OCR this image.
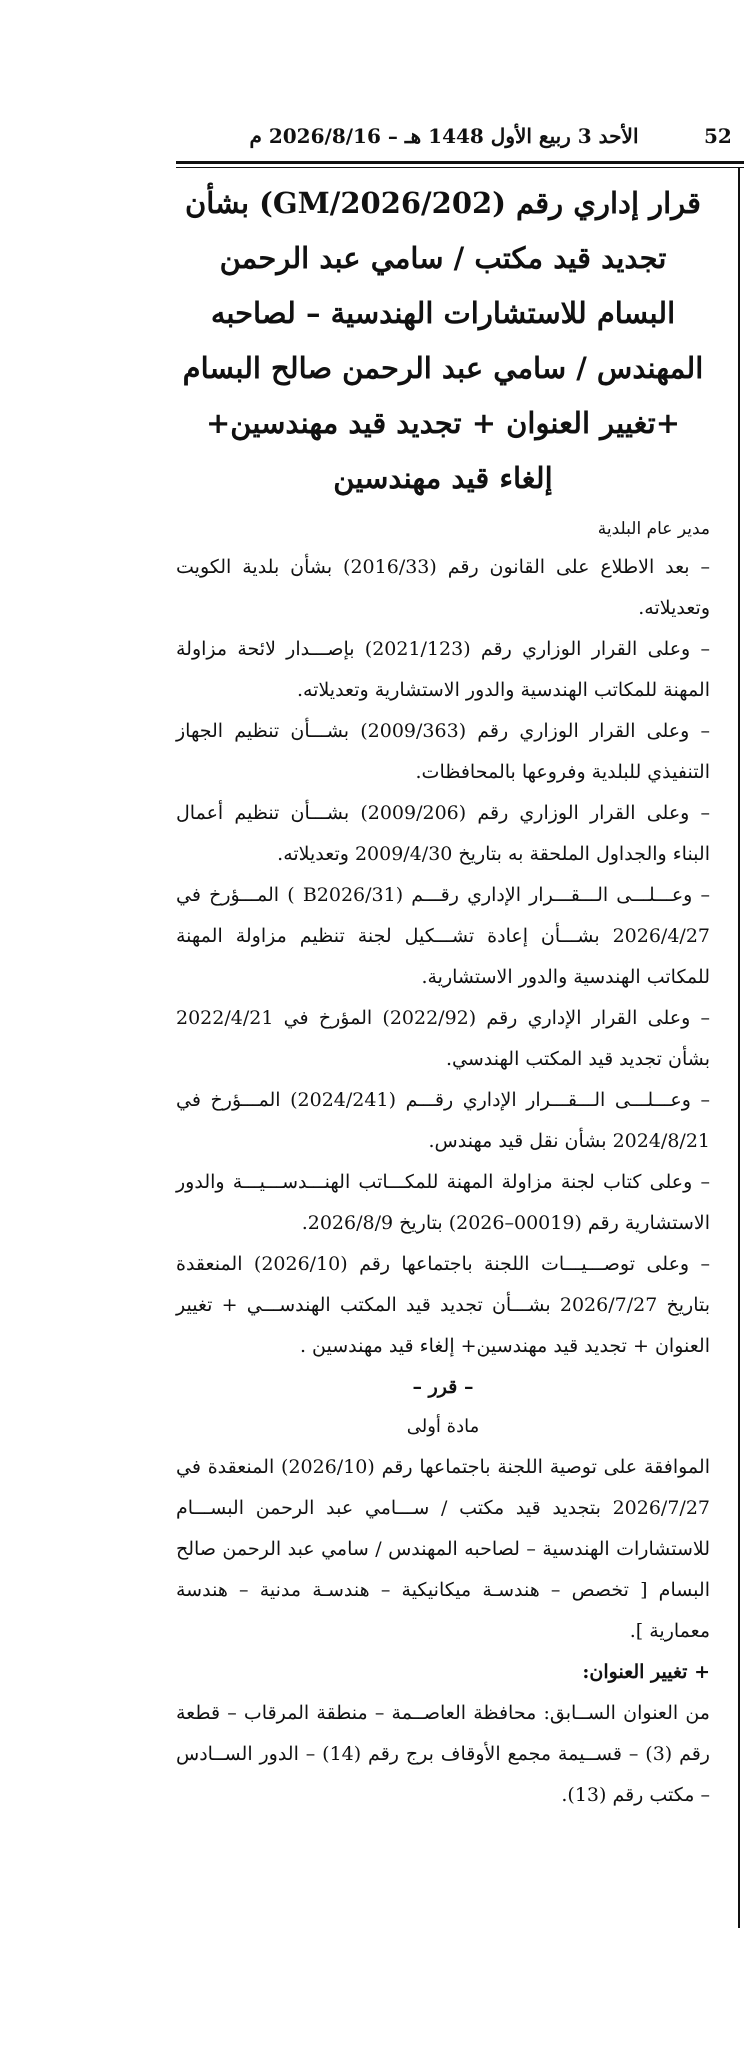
الأحد 3 ربيع الأول 1448 هـ – 2026/8/16 م	52

قرار إداري رقم (GM/2026/202) بشأن تجديد قيد مكتب / سامي عبد الرحمن البسام للاستشارات الهندسية – لصاحبه المهندس / سامي عبد الرحمن صالح البسام +تغيير العنوان + تجديد قيد مهندسين+ إلغاء قيد مهندسين

مدير عام البلدية

– بعد الاطلاع على القانون رقم (2016/33) بشأن بلدية الكويت وتعديلاته.

– وعلى القرار الوزاري رقم (2021/123) بإصـــدار لائحة مزاولة المهنة للمكاتب الهندسية والدور الاستشارية وتعديلاته.

– وعلى القرار الوزاري رقم (2009/363) بشـــأن تنظيم الجهاز التنفيذي للبلدية وفروعها بالمحافظات.

– وعلى القرار الوزاري رقم (2009/206) بشـــأن تنظيم أعمال البناء والجداول الملحقة به بتاريخ 2009/4/30 وتعديلاته.

– وعـــلـــى الـــقـــرار الإداري رقـــم (B2026/31 ) المـــؤرخ في 2026/4/27 بشـــأن إعادة تشـــكيل لجنة تنظيم مزاولة المهنة للمكاتب الهندسية والدور الاستشارية.

– وعلى القرار الإداري رقم (2022/92) المؤرخ في 2022/4/21 بشأن تجديد قيد المكتب الهندسي.

– وعـــلـــى الـــقـــرار الإداري رقـــم (2024/241) المـــؤرخ في 2024/8/21 بشأن نقل قيد مهندس.

– وعلى كتاب لجنة مزاولة المهنة للمكـــاتب الهنـــدســـيـــة والدور الاستشارية رقم (00019–2026) بتاريخ 2026/8/9.

– وعلى توصـــيـــات اللجنة باجتماعها رقم (2026/10) المنعقدة بتاريخ 2026/7/27 بشـــأن تجديد قيد المكتب الهندســـي + تغيير العنوان + تجديد قيد مهندسين+ إلغاء قيد مهندسين .

– قرر –

مادة أولى

الموافقة على توصية اللجنة باجتماعها رقم (2026/10) المنعقدة في 2026/7/27 بتجديد قيد مكتب / ســـامي عبد الرحمن البســـام للاستشارات الهندسية – لصاحبه المهندس / سامي عبد الرحمن صالح البسام [ تخصص – هندسـة ميكانيكية – هندسـة مدنية – هندسة معمارية ].

+ تغيير العنوان:

من العنوان الســابق: محافظة العاصــمة – منطقة المرقاب – قطعة رقم (3) – قســيمة مجمع الأوقاف برج رقم (14) – الدور الســادس – مكتب رقم (13).
